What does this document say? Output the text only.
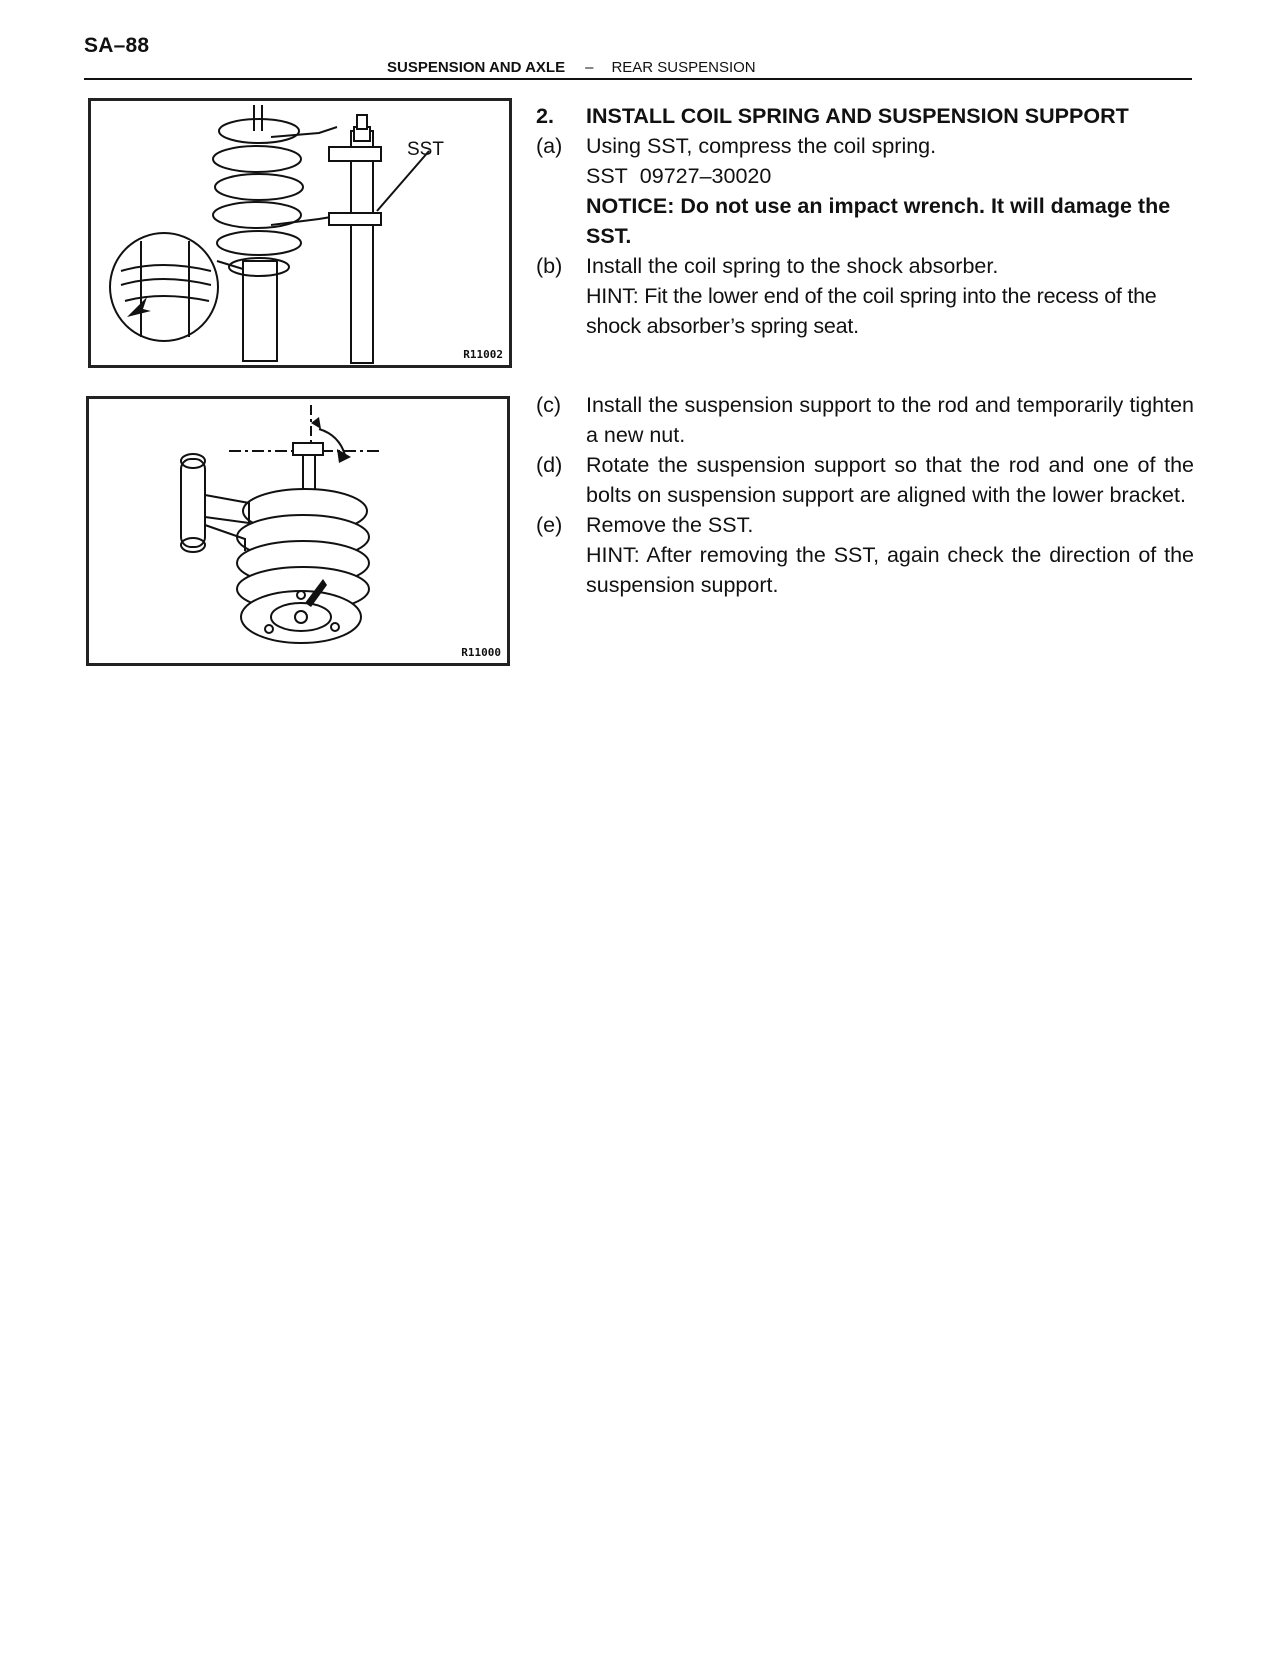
SA–88
SUSPENSION AND AXLE – REAR SUSPENSION
SST
R11002
R11000
2.	INSTALL COIL SPRING AND SUSPENSION SUPPORT
(a)	Using SST, compress the coil spring.
SST 09727–30020
NOTICE: Do not use an impact wrench. It will damage the SST.
(b)	Install the coil spring to the shock absorber.
HINT: Fit the lower end of the coil spring into the recess of the shock absorber’s spring seat.
(c)	Install the suspension support to the rod and temporarily tighten a new nut.
(d)	Rotate the suspension support so that the rod and one of the bolts on suspension support are aligned with the lower bracket.
(e)	Remove the SST.
HINT: After removing the SST, again check the direction of the suspension support.
